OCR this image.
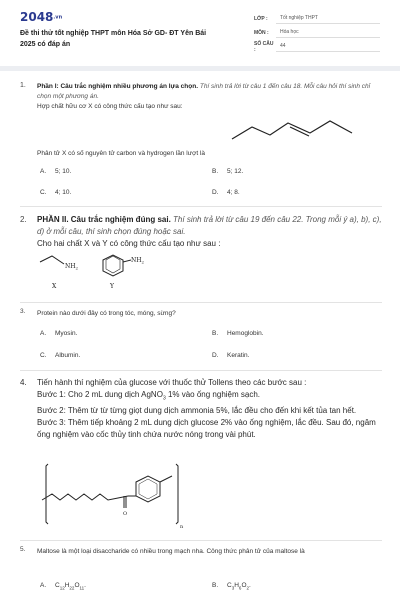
2048.vn
Đề thi thử tốt nghiệp THPT môn Hóa Sở GD- ĐT Yên Bái
2025 có đáp án
LỚP :	Tốt nghiệp THPT
MÔN :	Hóa học
SỐ CÂU :
44
1.	Phần I: Câu trắc nghiệm nhiều phương án lựa chọn. Thí sinh trả lời từ câu 1 đến câu 18. Mỗi câu hỏi thí sinh chỉ chọn một phương án.
Hợp chất hữu cơ X có công thức cấu tạo như sau:
Phân tử X có số nguyên tử carbon và hydrogen lần lượt là
A. 5; 10.	B. 5; 12.
C. 4; 10.	D. 4; 8.
2.	PHẦN II. Câu trắc nghiệm đúng sai. Thí sinh trả lời từ câu 19 đến câu 22. Trong mỗi ý a), b), c), d) ở mỗi câu, thí sinh chọn đúng hoặc sai.
Cho hai chất X và Y có công thức cấu tạo như sau :
$NH_2$
$NH_2$
X	Y
3.	Protein nào dưới đây có trong tóc, móng, sừng?
A. Myosin.	B. Hemoglobin.
C. Albumin.	D. Keratin.
4.	Tiến hành thí nghiệm của glucose với thuốc thử Tollens theo các bước sau :
Bước 1: Cho 2 mL dung dịch AgNO$_3$ 1% vào ống nghiệm sạch.
Bước 2: Thêm từ từ từng giọt dung dịch ammonia 5%, lắc đều cho đến khi kết tủa tan hết.
Bước 3: Thêm tiếp khoảng 2 mL dung dịch glucose 2% vào ống nghiệm, lắc đều. Sau đó, ngâm ống nghiệm vào cốc thủy tinh chứa nước nóng trong vài phút.
O
n
5.	Maltose là một loại disaccharide có nhiều trong mạch nha. Công thức phân tử của maltose là
A. $C_{12}H_{22}O_{11}$.	B. $C_3H_6O_2$.
